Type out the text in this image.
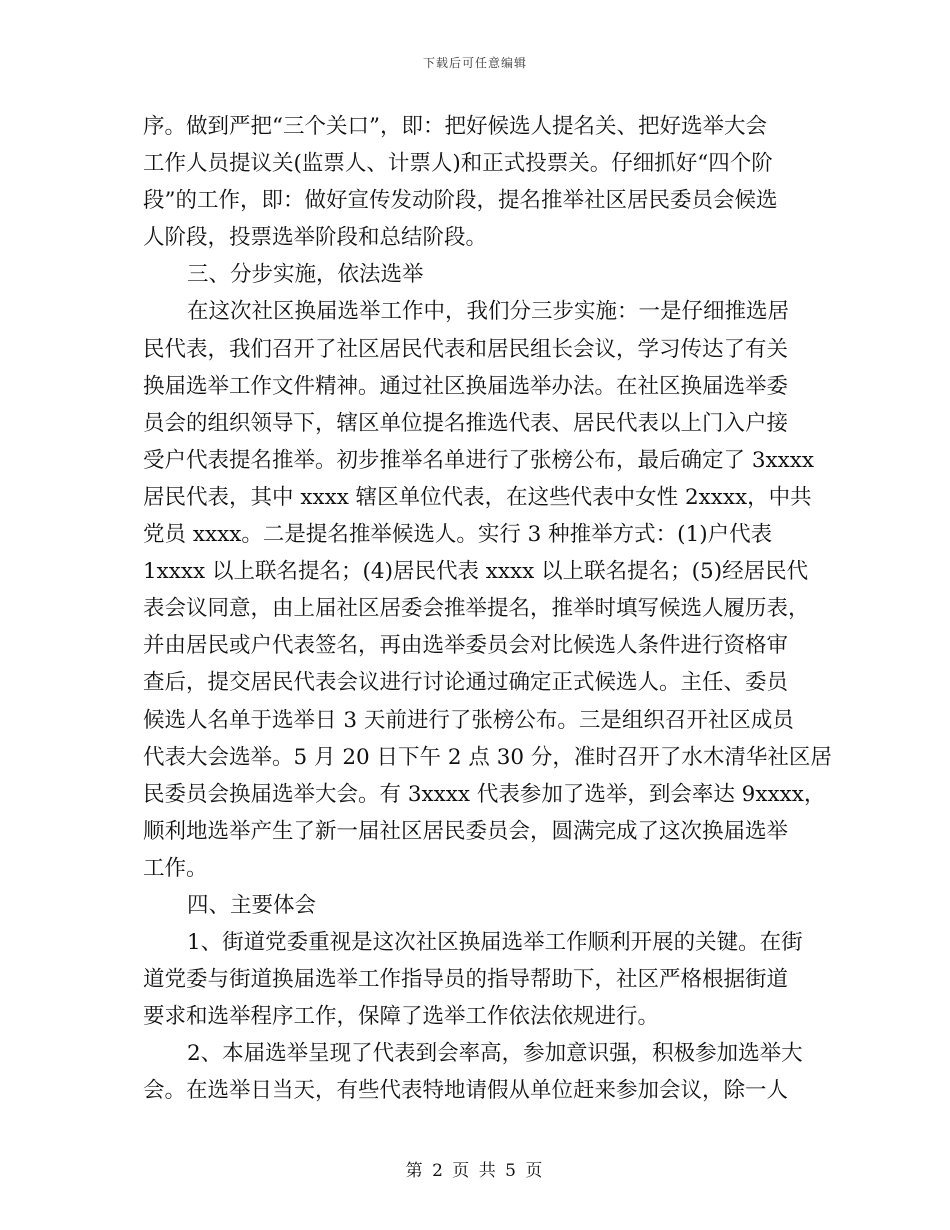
下载后可任意编辑
序。做到严把“三个关口”，即：把好候选人提名关、把好选举大会
工作人员提议关(监票人、计票人)和正式投票关。仔细抓好“四个阶
段”的工作，即：做好宣传发动阶段，提名推举社区居民委员会候选
人阶段，投票选举阶段和总结阶段。
三、分步实施，依法选举
在这次社区换届选举工作中，我们分三步实施：一是仔细推选居
民代表，我们召开了社区居民代表和居民组长会议，学习传达了有关
换届选举工作文件精神。通过社区换届选举办法。在社区换届选举委
员会的组织领导下，辖区单位提名推选代表、居民代表以上门入户接
受户代表提名推举。初步推举名单进行了张榜公布，最后确定了 3xxxx
居民代表，其中 xxxx 辖区单位代表，在这些代表中女性 2xxxx，中共
党员 xxxx。二是提名推举候选人。实行 3 种推举方式：(1)户代表
1xxxx 以上联名提名；(4)居民代表 xxxx 以上联名提名；(5)经居民代
表会议同意，由上届社区居委会推举提名，推举时填写候选人履历表，
并由居民或户代表签名，再由选举委员会对比候选人条件进行资格审
查后，提交居民代表会议进行讨论通过确定正式候选人。主任、委员
候选人名单于选举日 3 天前进行了张榜公布。三是组织召开社区成员
代表大会选举。5 月 20 日下午 2 点 30 分，准时召开了水木清华社区居
民委员会换届选举大会。有 3xxxx 代表参加了选举，到会率达 9xxxx，
顺利地选举产生了新一届社区居民委员会，圆满完成了这次换届选举
工作。
四、主要体会
1、街道党委重视是这次社区换届选举工作顺利开展的关键。在街
道党委与街道换届选举工作指导员的指导帮助下，社区严格根据街道
要求和选举程序工作，保障了选举工作依法依规进行。
2、本届选举呈现了代表到会率高，参加意识强，积极参加选举大
会。在选举日当天，有些代表特地请假从单位赶来参加会议，除一人
第 2 页 共 5 页
